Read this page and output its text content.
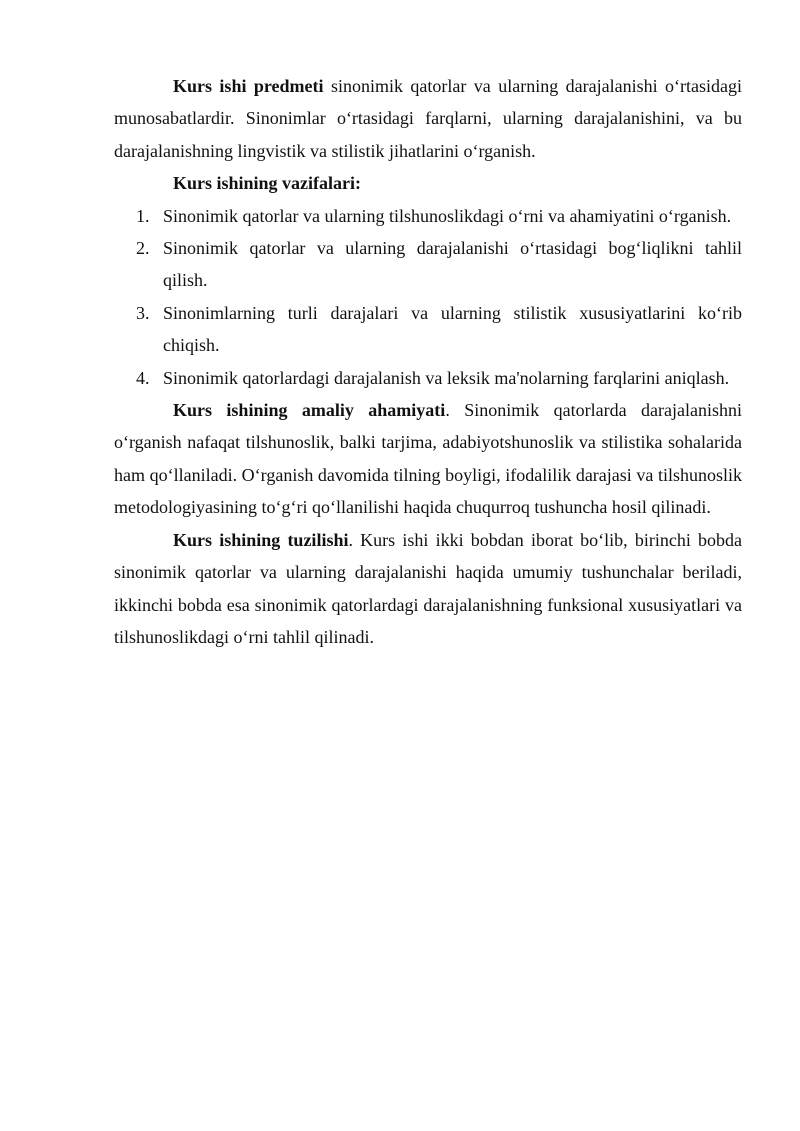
Kurs ishi predmeti sinonimik qatorlar va ularning darajalanishi o‘rtasidagi munosabatlardir. Sinonimlar o‘rtasidagi farqlarni, ularning darajalanishini, va bu darajalanishning lingvistik va stilistik jihatlarini o‘rganish.

Kurs ishining vazifalari:

1. Sinonimik qatorlar va ularning tilshunoslikdagi o‘rni va ahamiyatini o‘rganish.
2. Sinonimik qatorlar va ularning darajalanishi o‘rtasidagi bog‘liqlikni tahlil qilish.
3. Sinonimlarning turli darajalari va ularning stilistik xususiyatlarini ko‘rib chiqish.
4. Sinonimik qatorlardagi darajalanish va leksik ma'nolarning farqlarini aniqlash.

Kurs ishining amaliy ahamiyati. Sinonimik qatorlarda darajalanishni o‘rganish nafaqat tilshunoslik, balki tarjima, adabiyotshunoslik va stilistika sohalarida ham qo‘llaniladi. O‘rganish davomida tilning boyligi, ifodalilik darajasi va tilshunoslik metodologiyasining to‘g‘ri qo‘llanilishi haqida chuqurroq tushuncha hosil qilinadi.

Kurs ishining tuzilishi. Kurs ishi ikki bobdan iborat bo‘lib, birinchi bobda sinonimik qatorlar va ularning darajalanishi haqida umumiy tushunchalar beriladi, ikkinchi bobda esa sinonimik qatorlardagi darajalanishning funksional xususiyatlari va tilshunoslikdagi o‘rni tahlil qilinadi.
